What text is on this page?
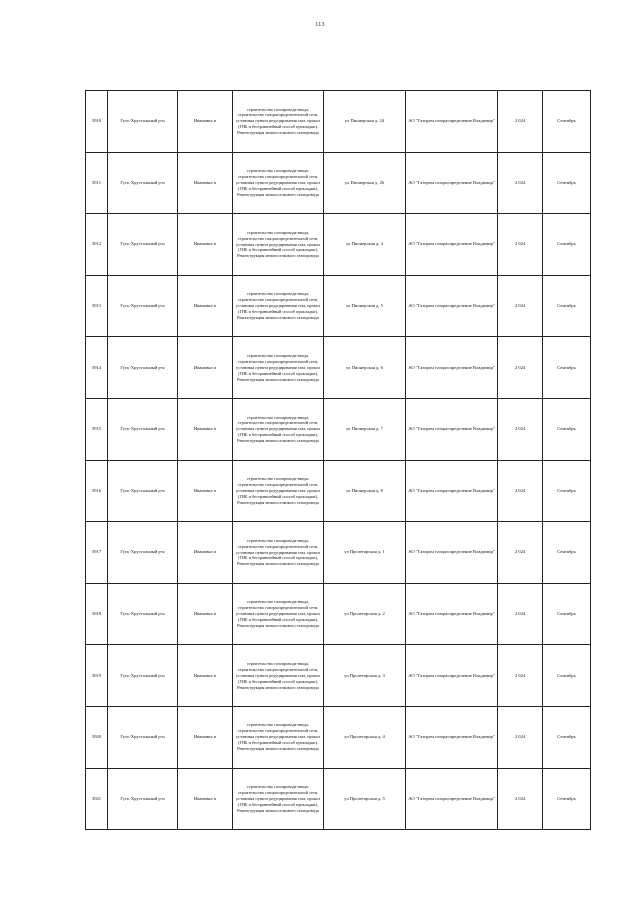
113
3910	Гусь-Хрустальный р-н	Ивановка п	строительство газопровода-ввода, строительство газораспределительной сети, установка пункта редуцирования газа, прокол (ГНБ и бестраншейный способ прокладки), Реконструкция межпоселкового газопровода	ул Пионерская д. 24	АО "Газпром газораспределение Владимир"	2 024	Сентябрь
3911	Гусь-Хрустальный р-н	Ивановка п	строительство газопровода-ввода, строительство газораспределительной сети, установка пункта редуцирования газа, прокол (ГНБ и бестраншейный способ прокладки), Реконструкция межпоселкового газопровода	ул Пионерская д. 26	АО "Газпром газораспределение Владимир"	2 024	Сентябрь
3912	Гусь-Хрустальный р-н	Ивановка п	строительство газопровода-ввода, строительство газораспределительной сети, установка пункта редуцирования газа, прокол (ГНБ и бестраншейный способ прокладки), Реконструкция межпоселкового газопровода	ул Пионерская д. 4	АО "Газпром газораспределение Владимир"	2 024	Сентябрь
3913	Гусь-Хрустальный р-н	Ивановка п	строительство газопровода-ввода, строительство газораспределительной сети, установка пункта редуцирования газа, прокол (ГНБ и бестраншейный способ прокладки), Реконструкция межпоселкового газопровода	ул Пионерская д. 5	АО "Газпром газораспределение Владимир"	2 024	Сентябрь
3914	Гусь-Хрустальный р-н	Ивановка п	строительство газопровода-ввода, строительство газораспределительной сети, установка пункта редуцирования газа, прокол (ГНБ и бестраншейный способ прокладки), Реконструкция межпоселкового газопровода	ул Пионерская д. 6	АО "Газпром газораспределение Владимир"	2 024	Сентябрь
3915	Гусь-Хрустальный р-н	Ивановка п	строительство газопровода-ввода, строительство газораспределительной сети, установка пункта редуцирования газа, прокол (ГНБ и бестраншейный способ прокладки), Реконструкция межпоселкового газопровода	ул Пионерская д. 7	АО "Газпром газораспределение Владимир"	2 024	Сентябрь
3916	Гусь-Хрустальный р-н	Ивановка п	строительство газопровода-ввода, строительство газораспределительной сети, установка пункта редуцирования газа, прокол (ГНБ и бестраншейный способ прокладки), Реконструкция межпоселкового газопровода	ул Пионерская д. 8	АО "Газпром газораспределение Владимир"	2 024	Сентябрь
3917	Гусь-Хрустальный р-н	Ивановка п	строительство газопровода-ввода, строительство газораспределительной сети, установка пункта редуцирования газа, прокол (ГНБ и бестраншейный способ прокладки), Реконструкция межпоселкового газопровода	ул Пролетарская д. 1	АО "Газпром газораспределение Владимир"	2 024	Сентябрь
3918	Гусь-Хрустальный р-н	Ивановка п	строительство газопровода-ввода, строительство газораспределительной сети, установка пункта редуцирования газа, прокол (ГНБ и бестраншейный способ прокладки), Реконструкция межпоселкового газопровода	ул Пролетарская д. 2	АО "Газпром газораспределение Владимир"	2 024	Сентябрь
3919	Гусь-Хрустальный р-н	Ивановка п	строительство газопровода-ввода, строительство газораспределительной сети, установка пункта редуцирования газа, прокол (ГНБ и бестраншейный способ прокладки), Реконструкция межпоселкового газопровода	ул Пролетарская д. 3	АО "Газпром газораспределение Владимир"	2 024	Сентябрь
3920	Гусь-Хрустальный р-н	Ивановка п	строительство газопровода-ввода, строительство газораспределительной сети, установка пункта редуцирования газа, прокол (ГНБ и бестраншейный способ прокладки), Реконструкция межпоселкового газопровода	ул Пролетарская д. 4	АО "Газпром газораспределение Владимир"	2 024	Сентябрь
3921	Гусь-Хрустальный р-н	Ивановка п	строительство газопровода-ввода, строительство газораспределительной сети, установка пункта редуцирования газа, прокол (ГНБ и бестраншейный способ прокладки), Реконструкция межпоселкового газопровода	ул Пролетарская д. 5	АО "Газпром газораспределение Владимир"	2 024	Сентябрь
